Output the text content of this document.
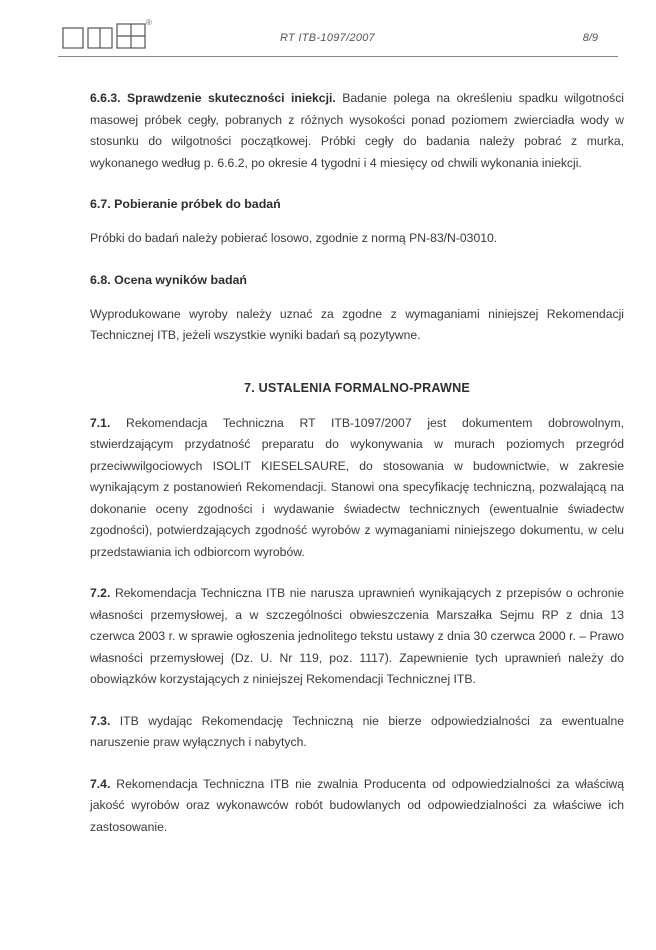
®
RT ITB-1097/2007	8/9

6.6.3. Sprawdzenie skuteczności iniekcji. Badanie polega na określeniu spadku wilgotności masowej próbek cegły, pobranych z różnych wysokości ponad poziomem zwierciadła wody w stosunku do wilgotności początkowej. Próbki cegły do badania należy pobrać z murka, wykonanego według p. 6.6.2, po okresie 4 tygodni i 4 miesięcy od chwili wykonania iniekcji.

6.7. Pobieranie próbek do badań

Próbki do badań należy pobierać losowo, zgodnie z normą PN-83/N-03010.

6.8. Ocena wyników badań

Wyprodukowane wyroby należy uznać za zgodne z wymaganiami niniejszej Rekomendacji Technicznej ITB, jeżeli wszystkie wyniki badań są pozytywne.

7. USTALENIA FORMALNO-PRAWNE

7.1. Rekomendacja Techniczna RT ITB-1097/2007 jest dokumentem dobrowolnym, stwierdzającym przydatność preparatu do wykonywania w murach poziomych przegród przeciwwilgociowych ISOLIT KIESELSAURE, do stosowania w budownictwie, w zakresie wynikającym z postanowień Rekomendacji. Stanowi ona specyfikację techniczną, pozwalającą na dokonanie oceny zgodności i wydawanie świadectw technicznych (ewentualnie świadectw zgodności), potwierdzających zgodność wyrobów z wymaganiami niniejszego dokumentu, w celu przedstawiania ich odbiorcom wyrobów.

7.2. Rekomendacja Techniczna ITB nie narusza uprawnień wynikających z przepisów o ochronie własności przemysłowej, a w szczególności obwieszczenia Marszałka Sejmu RP z dnia 13 czerwca 2003 r. w sprawie ogłoszenia jednolitego tekstu ustawy z dnia 30 czerwca 2000 r. – Prawo własności przemysłowej (Dz. U. Nr 119, poz. 1117). Zapewnienie tych uprawnień należy do obowiązków korzystających z niniejszej Rekomendacji Technicznej ITB.

7.3. ITB wydając Rekomendację Techniczną nie bierze odpowiedzialności za ewentualne naruszenie praw wyłącznych i nabytych.

7.4. Rekomendacja Techniczna ITB nie zwalnia Producenta od odpowiedzialności za właściwą jakość wyrobów oraz wykonawców robót budowlanych od odpowiedzialności za właściwe ich zastosowanie.
